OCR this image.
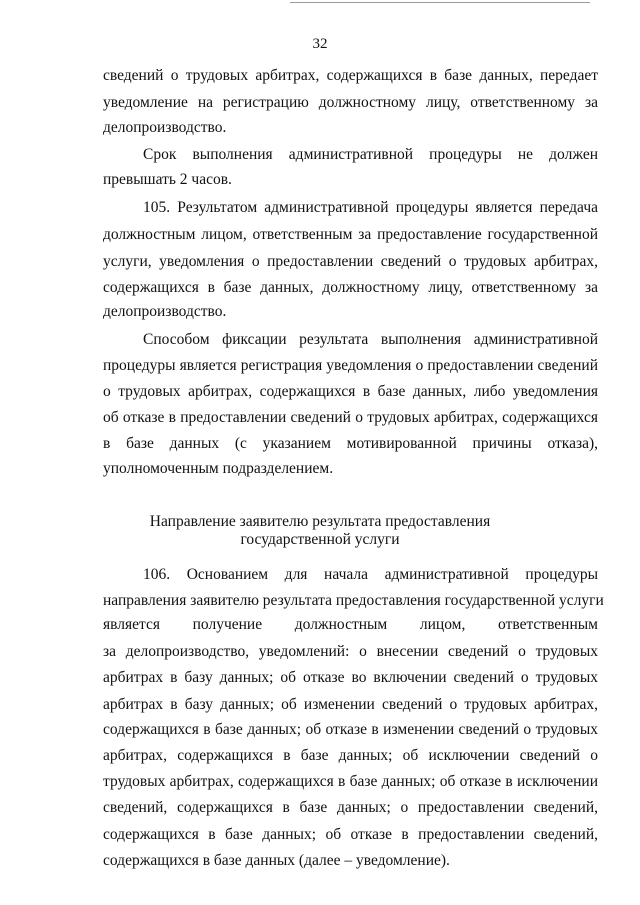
32
сведений о трудовых арбитрах, содержащихся в базе данных, передает
уведомление на регистрацию должностному лицу, ответственному за
делопроизводство.
Срок выполнения административной процедуры не должен
превышать 2 часов.
105. Результатом административной процедуры является передача
должностным лицом, ответственным за предоставление государственной
услуги, уведомления о предоставлении сведений о трудовых арбитрах,
содержащихся в базе данных, должностному лицу, ответственному за
делопроизводство.
Способом фиксации результата выполнения административной
процедуры является регистрация уведомления о предоставлении сведений
о трудовых арбитрах, содержащихся в базе данных, либо уведомления
об отказе в предоставлении сведений о трудовых арбитрах, содержащихся
в базе данных (с указанием мотивированной причины отказа),
уполномоченным подразделением.
Направление заявителю результата предоставления
государственной услуги
106. Основанием для начала административной процедуры
направления заявителю результата предоставления государственной услуги
является получение должностным лицом, ответственным
за делопроизводство, уведомлений: о внесении сведений о трудовых
арбитрах в базу данных; об отказе во включении сведений о трудовых
арбитрах в базу данных; об изменении сведений о трудовых арбитрах,
содержащихся в базе данных; об отказе в изменении сведений о трудовых
арбитрах, содержащихся в базе данных; об исключении сведений о
трудовых арбитрах, содержащихся в базе данных; об отказе в исключении
сведений, содержащихся в базе данных; о предоставлении сведений,
содержащихся в базе данных; об отказе в предоставлении сведений,
содержащихся в базе данных (далее – уведомление).
